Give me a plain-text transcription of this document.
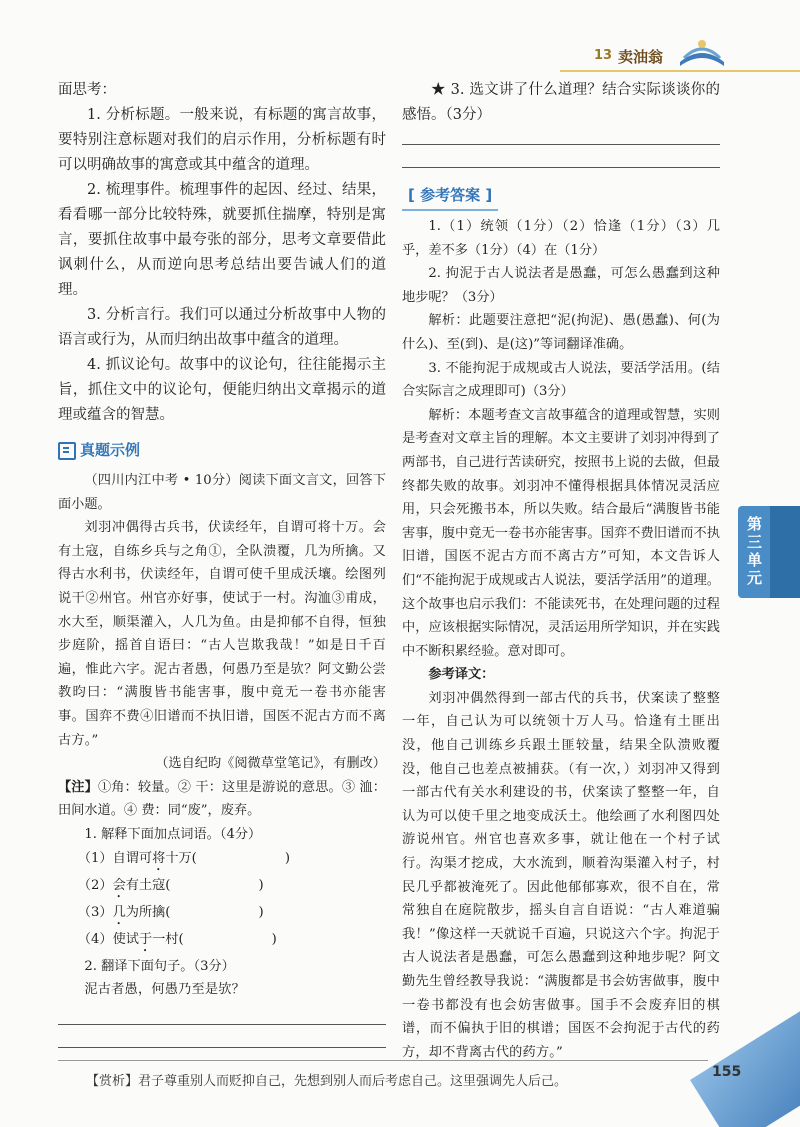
13 卖油翁

面思考：

1. 分析标题。一般来说，有标题的寓言故事，要特别注意标题对我们的启示作用，分析标题有时可以明确故事的寓意或其中蕴含的道理。

2. 梳理事件。梳理事件的起因、经过、结果，看看哪一部分比较特殊，就要抓住揣摩，特别是寓言，要抓住故事中最夸张的部分，思考文章要借此讽刺什么，从而逆向思考总结出要告诫人们的道理。

3. 分析言行。我们可以通过分析故事中人物的语言或行为，从而归纳出故事中蕴含的道理。

4. 抓议论句。故事中的议论句，往往能揭示主旨，抓住文中的议论句，便能归纳出文章揭示的道理或蕴含的智慧。

真题示例

（四川内江中考 • 10分）阅读下面文言文，回答下面小题。

刘羽冲偶得古兵书，伏读经年，自谓可将十万。会有土寇，自练乡兵与之角①，全队溃覆，几为所擒。又得古水利书，伏读经年，自谓可使千里成沃壤。绘图列说干②州官。州官亦好事，使试于一村。沟洫③甫成，水大至，顺渠灌入，人几为鱼。由是抑郁不自得，恒独步庭阶，摇首自语曰：“古人岂欺我哉！”如是日千百遍，惟此六字。泥古者愚，何愚乃至是欤？阿文勤公尝教昀曰：“满腹皆书能害事，腹中竟无一卷书亦能害事。国弈不费④旧谱而不执旧谱，国医不泥古方而不离古方。”

（选自纪昀《阅微草堂笔记》，有删改）

【注】①角：较量。② 干：这里是游说的意思。③ 洫：田间水道。④ 费：同“废”，废弃。

1. 解释下面加点词语。（4分）

（1）自谓可将十万(	)

（2）会有土寇(	)

（3）几为所擒(	)

（4）使试于一村(	)

2. 翻译下面句子。（3分）

泥古者愚，何愚乃至是欤？

★ 3. 选文讲了什么道理？结合实际谈谈你的感悟。（3分）

[ 参考答案 ]

1.（1）统领（1分）（2）恰逢（1分）（3）几乎，差不多（1分）（4）在（1分）

2. 拘泥于古人说法者是愚蠢，可怎么愚蠢到这种地步呢？（3分）

解析：此题要注意把“泥(拘泥)、愚(愚蠢)、何(为什么)、至(到)、是(这)”等词翻译准确。

3. 不能拘泥于成规或古人说法，要活学活用。(结合实际言之成理即可)（3分）

解析：本题考查文言故事蕴含的道理或智慧，实则是考查对文章主旨的理解。本文主要讲了刘羽冲得到了两部书，自己进行苦读研究，按照书上说的去做，但最终都失败的故事。刘羽冲不懂得根据具体情况灵活应用，只会死搬书本，所以失败。结合最后“满腹皆书能害事，腹中竟无一卷书亦能害事。国弈不费旧谱而不执旧谱，国医不泥古方而不离古方”可知，本文告诉人们“不能拘泥于成规或古人说法，要活学活用”的道理。这个故事也启示我们：不能读死书，在处理问题的过程中，应该根据实际情况，灵活运用所学知识，并在实践中不断积累经验。意对即可。

参考译文：

刘羽冲偶然得到一部古代的兵书，伏案读了整整一年，自己认为可以统领十万人马。恰逢有土匪出没，他自己训练乡兵跟土匪较量，结果全队溃败覆没，他自己也差点被捕获。（有一次，）刘羽冲又得到一部古代有关水利建设的书，伏案读了整整一年，自认为可以使千里之地变成沃土。他绘画了水利图四处游说州官。州官也喜欢多事，就让他在一个村子试行。沟渠才挖成，大水流到，顺着沟渠灌入村子，村民几乎都被淹死了。因此他郁郁寡欢，很不自在，常常独自在庭院散步，摇头自言自语说：“古人难道骗我！”像这样一天就说千百遍，只说这六个字。拘泥于古人说法者是愚蠢，可怎么愚蠢到这种地步呢？阿文勤先生曾经教导我说：“满腹都是书会妨害做事，腹中一卷书都没有也会妨害做事。国手不会废弃旧的棋谱，而不偏执于旧的棋谱；国医不会拘泥于古代的药方，却不背离古代的药方。”

第三单元
【赏析】君子尊重别人而贬抑自己，先想到别人而后考虑自己。这里强调先人后己。
155
